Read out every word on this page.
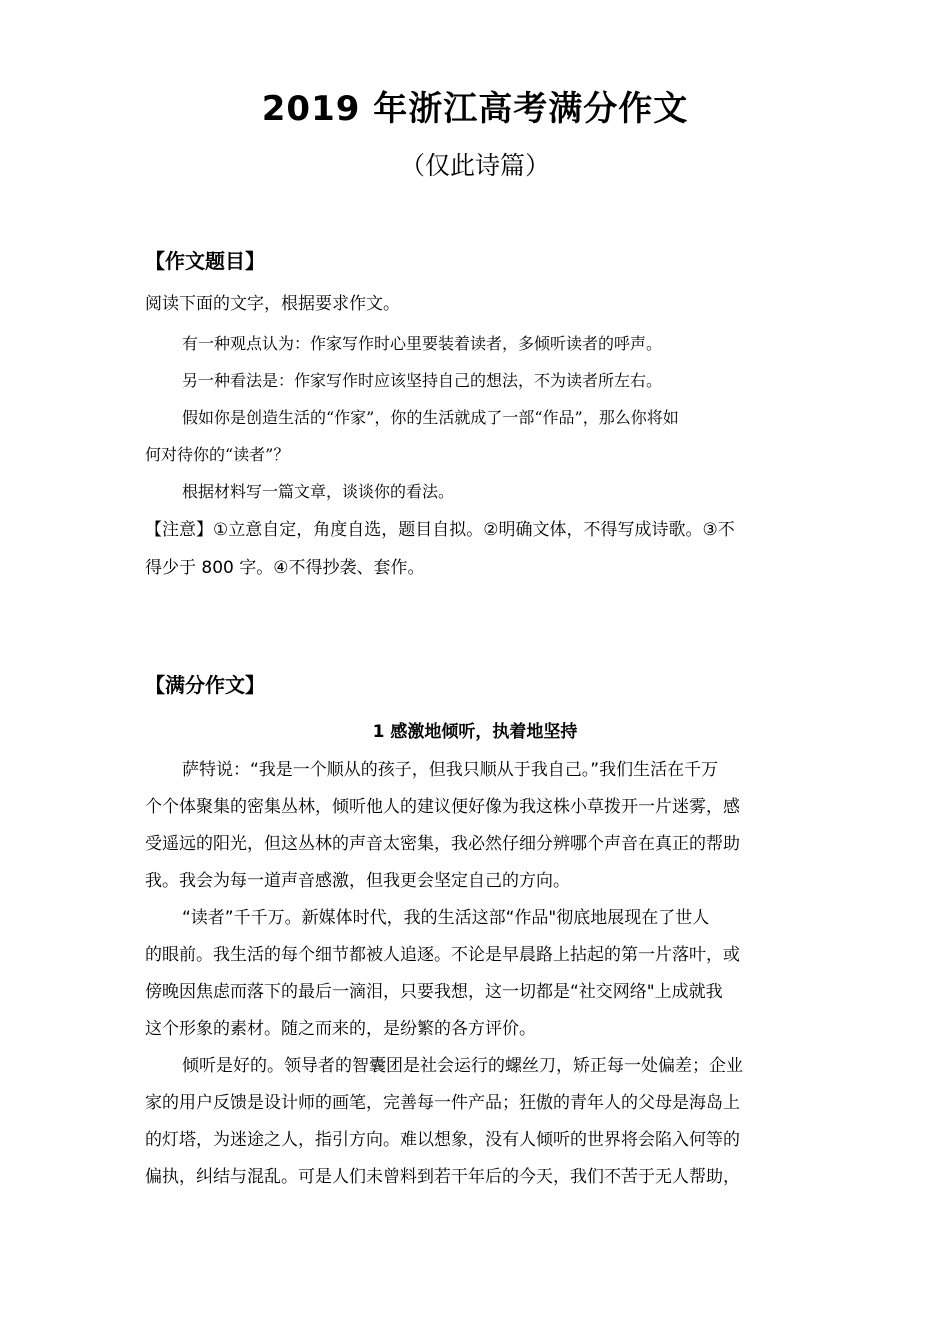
2019 年浙江高考满分作文
（仅此诗篇）
【作文题目】
阅读下面的文字，根据要求作文。
有一种观点认为：作家写作时心里要装着读者，多倾听读者的呼声。
另一种看法是：作家写作时应该坚持自己的想法，不为读者所左右。
假如你是创造生活的“作家”，你的生活就成了一部“作品”，那么你将如
何对待你的“读者”？
根据材料写一篇文章，谈谈你的看法。
【注意】①立意自定，角度自选，题目自拟。②明确文体，不得写成诗歌。③不
得少于 800 字。④不得抄袭、套作。
【满分作文】
1 感激地倾听，执着地坚持
萨特说：“我是一个顺从的孩子，但我只顺从于我自己。”我们生活在千万
个个体聚集的密集丛林，倾听他人的建议便好像为我这株小草拨开一片迷雾，感
受遥远的阳光，但这丛林的声音太密集，我必然仔细分辨哪个声音在真正的帮助
我。我会为每一道声音感激，但我更会坚定自己的方向。
“读者”千千万。新媒体时代，我的生活这部“作品"彻底地展现在了世人
的眼前。我生活的每个细节都被人追逐。不论是早晨路上拈起的第一片落叶，或
傍晚因焦虑而落下的最后一滴泪，只要我想，这一切都是“社交网络"上成就我
这个形象的素材。随之而来的，是纷繁的各方评价。
倾听是好的。领导者的智囊团是社会运行的螺丝刀，矫正每一处偏差；企业
家的用户反馈是设计师的画笔，完善每一件产品；狂傲的青年人的父母是海岛上
的灯塔，为迷途之人，指引方向。难以想象，没有人倾听的世界将会陷入何等的
偏执，纠结与混乱。可是人们未曾料到若干年后的今天，我们不苦于无人帮助，
